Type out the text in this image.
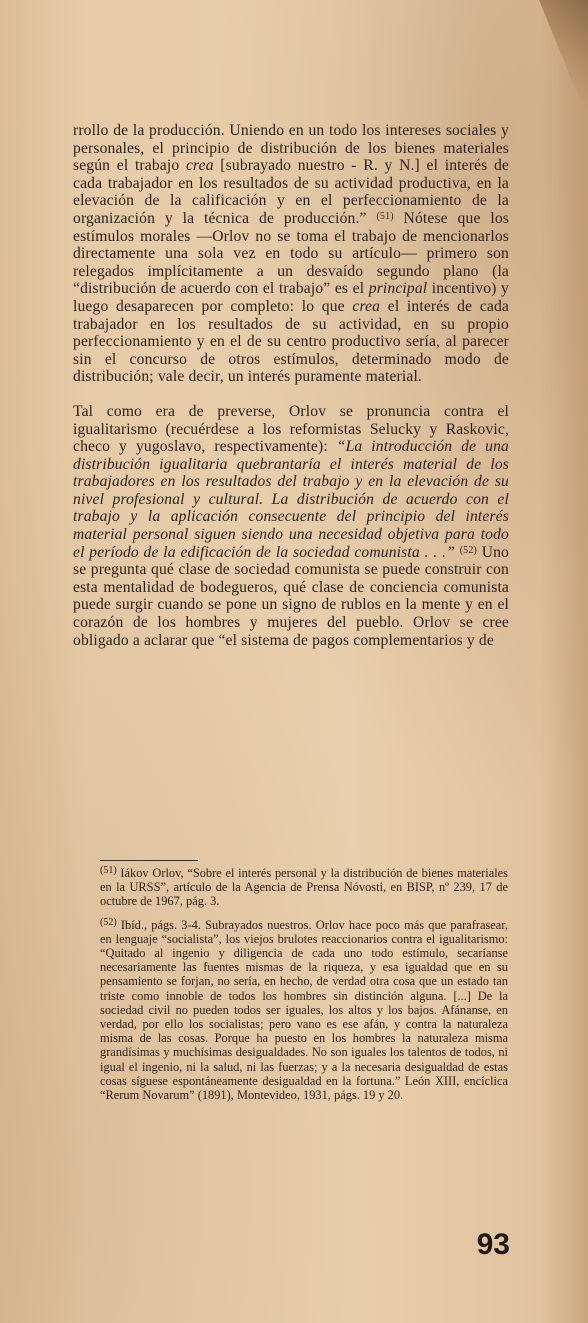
rrollo de la producción. Uniendo en un todo los intereses sociales y personales, el principio de distribución de los bienes materiales según el trabajo crea [subrayado nuestro - R. y N.] el interés de cada trabajador en los resultados de su actividad productiva, en la elevación de la calificación y en el perfeccionamiento de la organización y la técnica de producción.” $^{(51)}$ Nótese que los estímulos morales —Orlov no se toma el trabajo de mencionarlos directamente una sola vez en todo su artículo— primero son relegados implícitamente a un desvaído segundo plano (la “distribución de acuerdo con el trabajo” es el principal incentivo) y luego desaparecen por completo: lo que crea el interés de cada trabajador en los resultados de su actividad, en su propio perfeccionamiento y en el de su centro productivo sería, al parecer sin el concurso de otros estímulos, determinado modo de distribución; vale decir, un interés puramente material.

Tal como era de preverse, Orlov se pronuncia contra el igualitarismo (recuérdese a los reformistas Selucky y Raskovic, checo y yugoslavo, respectivamente): “La introducción de una distribución igualitaria quebrantaría el interés material de los trabajadores en los resultados del trabajo y en la elevación de su nivel profesional y cultural. La distribución de acuerdo con el trabajo y la aplicación consecuente del principio del interés material personal siguen siendo una necesidad objetiva para todo el período de la edificación de la sociedad comunista . . .” $^{(52)}$ Uno se pregunta qué clase de sociedad comunista se puede construir con esta mentalidad de bodegueros, qué clase de conciencia comunista puede surgir cuando se pone un signo de rublos en la mente y en el corazón de los hombres y mujeres del pueblo. Orlov se cree obligado a aclarar que “el sistema de pagos complementarios y de

$^{(51)}$ Iákov Orlov, “Sobre el interés personal y la distribución de bienes materiales en la URSS”, artículo de la Agencia de Prensa Nóvosti, en BISP, nº 239, 17 de octubre de 1967, pág. 3.

$^{(52)}$ Ibíd., págs. 3-4. Subrayados nuestros. Orlov hace poco más que parafrasear, en lenguaje “socialista”, los viejos brulotes reaccionarios contra el igualitarismo: “Quitado al ingenio y diligencia de cada uno todo estímulo, secaríanse necesariamente las fuentes mismas de la riqueza, y esa igualdad que en su pensamiento se forjan, no sería, en hecho, de verdad otra cosa que un estado tan triste como innoble de todos los hombres sin distinción alguna. [...] De la sociedad civil no pueden todos ser iguales, los altos y los bajos. Afánanse, en verdad, por ello los socialistas; pero vano es ese afán, y contra la naturaleza misma de las cosas. Porque ha puesto en los hombres la naturaleza misma grandísimas y muchísimas desigualdades. No son iguales los talentos de todos, ni igual el ingenio, ni la salud, ni las fuerzas; y a la necesaria desigualdad de estas cosas síguese espontáneamente desigualdad en la fortuna.” León XIII, encíclica “Rerum Novarum” (1891), Montevideo, 1931, págs. 19 y 20.

93
